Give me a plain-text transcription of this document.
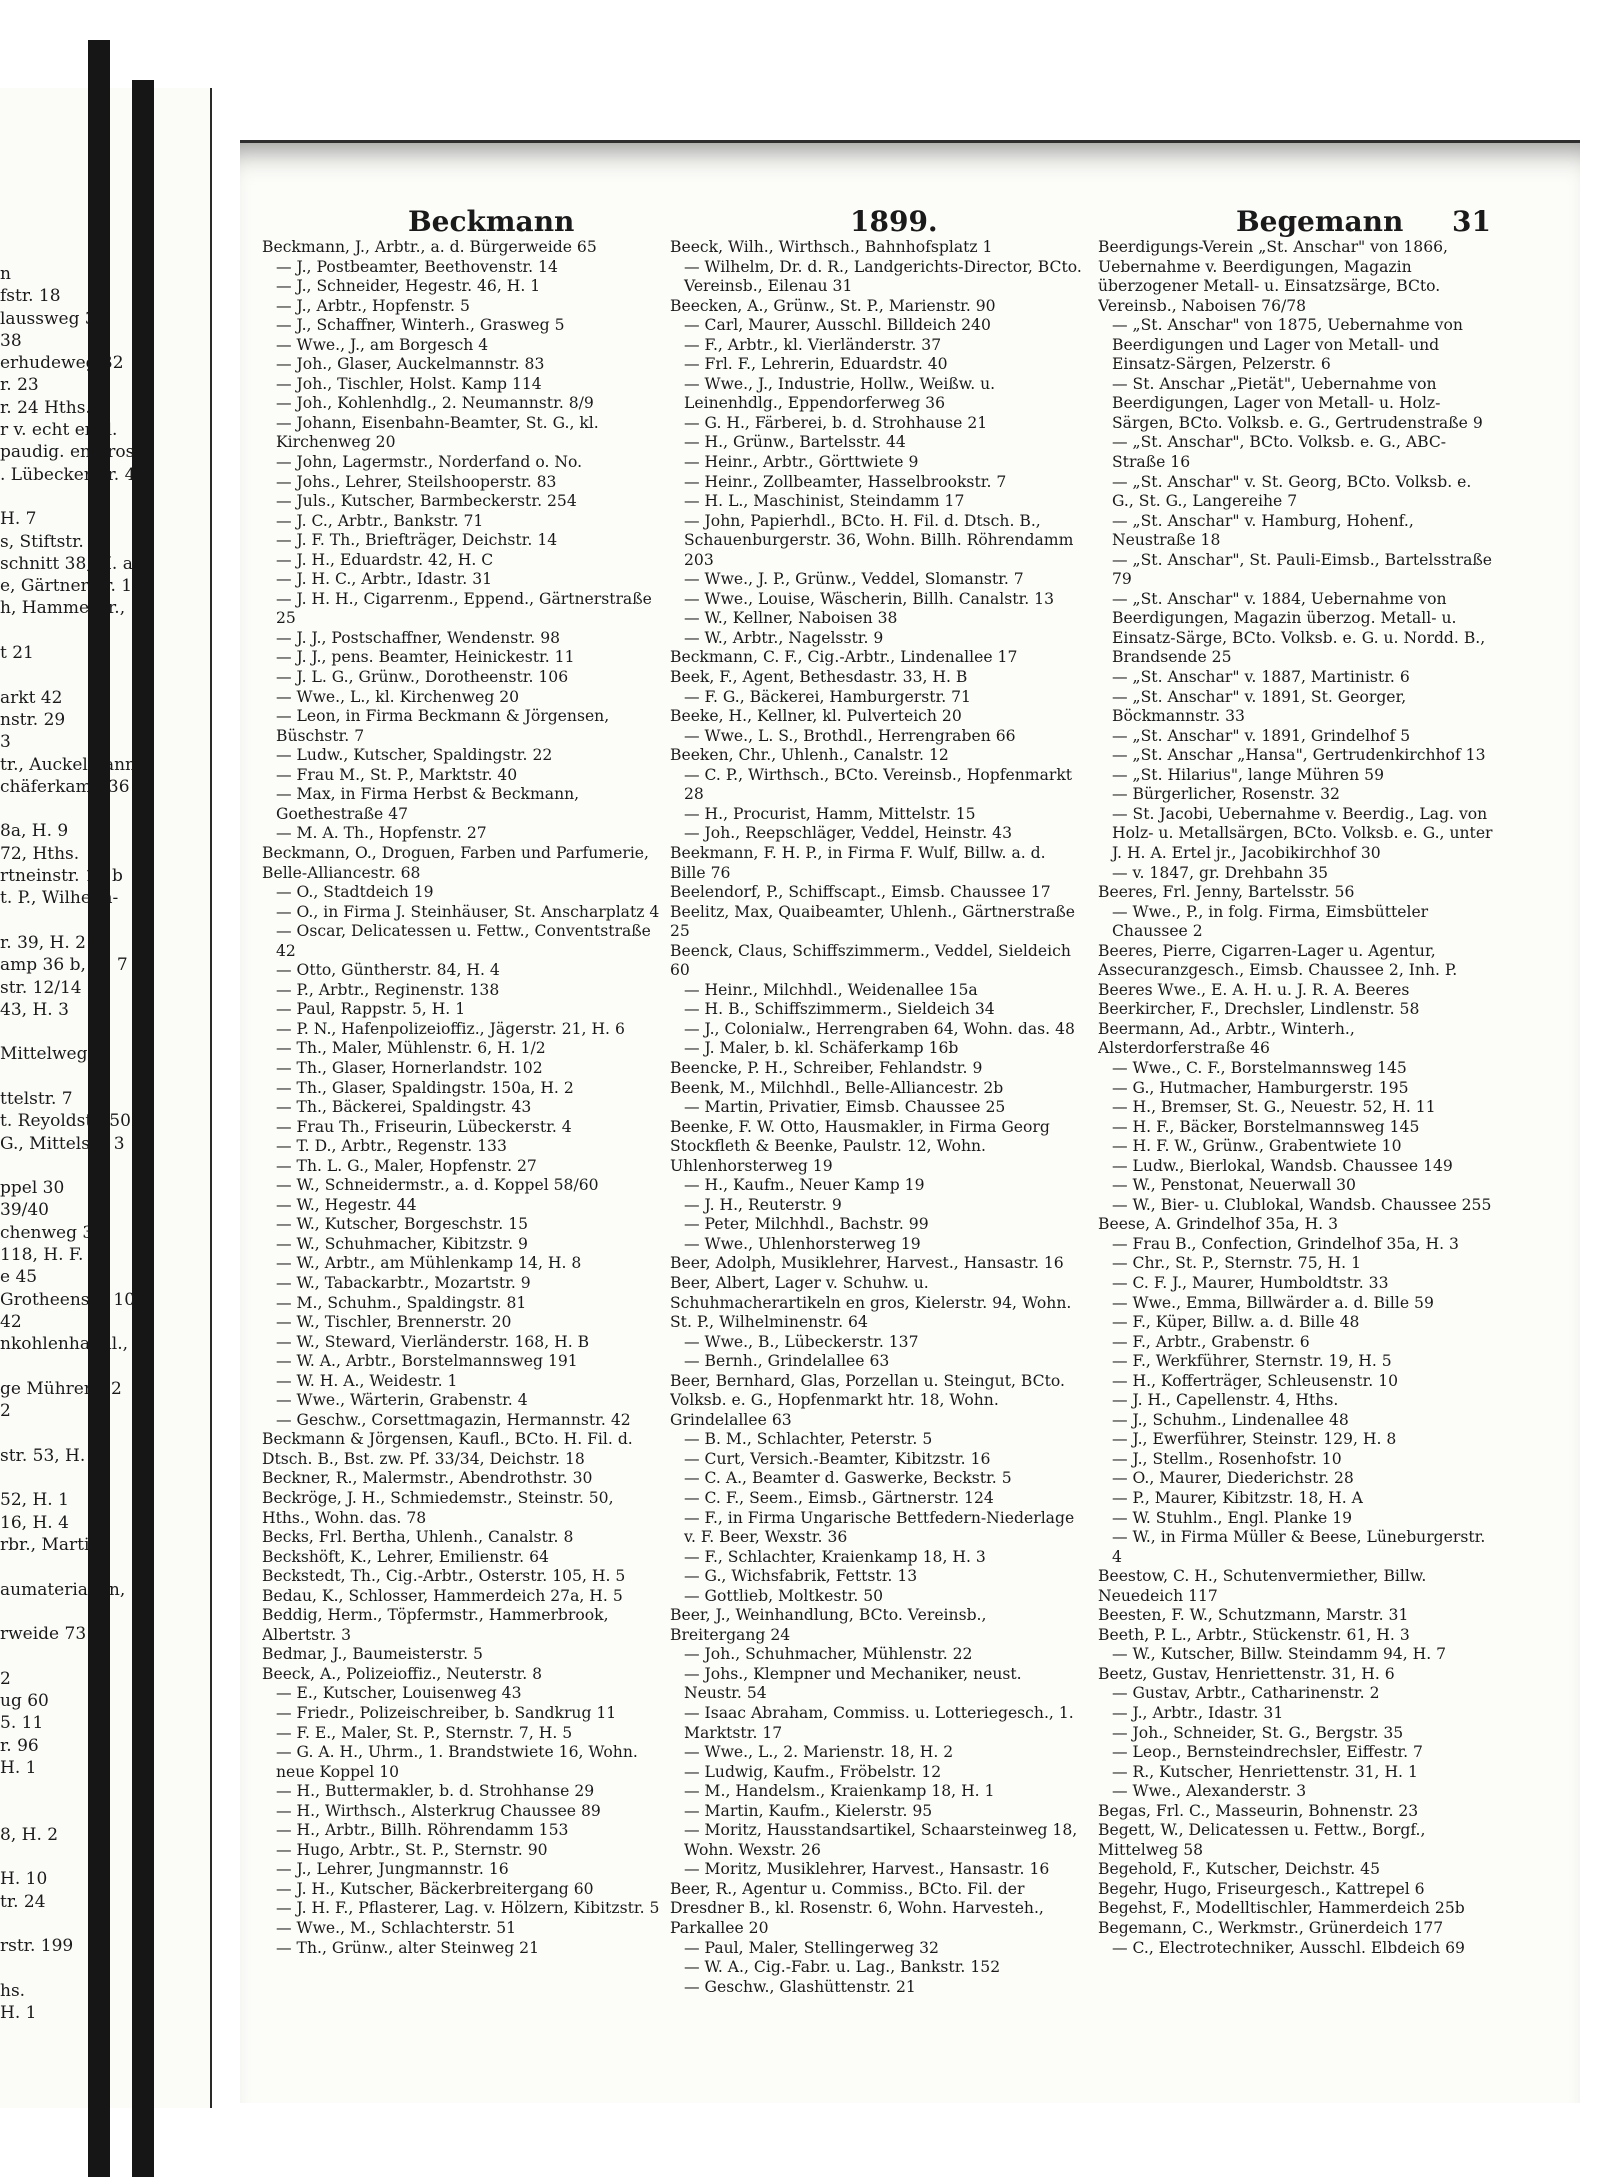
n
fstr. 18
laussweg 34
38
erhudeweg 32
r. 23
r. 24 Hths.
r v. echt engl.
paudig. en gros n
. Lübeckerstr. 4
H. 7
s, Stiftstr. 32
schnitt 38, H. a
e, Gärtnerstr. 11
h, Hammerbr.,
t 21
arkt 42
nstr. 29
3
tr., Auckelmann-
chäferkamp 36 b,
8a, H. 9
72, Hths.
rtneinstr. 15 b
t. P., Wilhelm-
r. 39, H. 2
amp 36 b, H. 7
str. 12/14
43, H. 3
Mittelweg 6,
ttelstr. 7
t. Reyoldstr. 50
G., Mittelstr. 3
ppel 30
39/40
chenweg 36
118, H. F.
e 45
Grotheenstr. 108
42
nkohlenhandl.,
ge Mühren 32
2
str. 53, H. 1
52, H. 1
16, H. 4
rbr., Martin-
aumaterialien,
rweide 73
2
ug 60
5. 11
r. 96
H. 1
8, H. 2
H. 10
tr. 24
rstr. 199
hs.
H. 1
Beckmann	1899.	Begemann 31
Beckmann, J., Arbtr., a. d. Bürgerweide 65
— J., Postbeamter, Beethovenstr. 14
— J., Schneider, Hegestr. 46, H. 1
— J., Arbtr., Hopfenstr. 5
— J., Schaffner, Winterh., Grasweg 5
— Wwe., J., am Borgesch 4
— Joh., Glaser, Auckelmannstr. 83
— Joh., Tischler, Holst. Kamp 114
— Joh., Kohlenhdlg., 2. Neumannstr. 8/9
— Johann, Eisenbahn-Beamter, St. G., kl. Kirchenweg 20
— John, Lagermstr., Norderfand o. No.
— Johs., Lehrer, Steilshooperstr. 83
— Juls., Kutscher, Barmbeckerstr. 254
— J. C., Arbtr., Bankstr. 71
— J. F. Th., Briefträger, Deichstr. 14
— J. H., Eduardstr. 42, H. C
— J. H. C., Arbtr., Idastr. 31
— J. H. H., Cigarrenm., Eppend., Gärtnerstraße 25
— J. J., Postschaffner, Wendenstr. 98
— J. J., pens. Beamter, Heinickestr. 11
— J. L. G., Grünw., Dorotheenstr. 106
— Wwe., L., kl. Kirchenweg 20
— Leon, in Firma Beckmann & Jörgensen, Büschstr. 7
— Ludw., Kutscher, Spaldingstr. 22
— Frau M., St. P., Marktstr. 40
— Max, in Firma Herbst & Beckmann, Goethestraße 47
— M. A. Th., Hopfenstr. 27
Beckmann, O., Droguen, Farben und Parfumerie, Belle-Alliancestr. 68
— O., Stadtdeich 19
— O., in Firma J. Steinhäuser, St. Anscharplatz 4
— Oscar, Delicatessen u. Fettw., Conventstraße 42
— Otto, Güntherstr. 84, H. 4
— P., Arbtr., Reginenstr. 138
— Paul, Rappstr. 5, H. 1
— P. N., Hafenpolizeioffiz., Jägerstr. 21, H. 6
— Th., Maler, Mühlenstr. 6, H. 1/2
— Th., Glaser, Hornerlandstr. 102
— Th., Glaser, Spaldingstr. 150a, H. 2
— Th., Bäckerei, Spaldingstr. 43
— Frau Th., Friseurin, Lübeckerstr. 4
— T. D., Arbtr., Regenstr. 133
— Th. L. G., Maler, Hopfenstr. 27
— W., Schneidermstr., a. d. Koppel 58/60
— W., Hegestr. 44
— W., Kutscher, Borgeschstr. 15
— W., Schuhmacher, Kibitzstr. 9
— W., Arbtr., am Mühlenkamp 14, H. 8
— W., Tabackarbtr., Mozartstr. 9
— M., Schuhm., Spaldingstr. 81
— W., Tischler, Brennerstr. 20
— W., Steward, Vierländerstr. 168, H. B
— W. A., Arbtr., Borstelmannsweg 191
— W. H. A., Weidestr. 1
— Wwe., Wärterin, Grabenstr. 4
— Geschw., Corsettmagazin, Hermannstr. 42
Beckmann & Jörgensen, Kaufl., BCto. H. Fil. d. Dtsch. B., Bst. zw. Pf. 33/34, Deichstr. 18
Beckner, R., Malermstr., Abendrothstr. 30
Beckröge, J. H., Schmiedemstr., Steinstr. 50, Hths., Wohn. das. 78
Becks, Frl. Bertha, Uhlenh., Canalstr. 8
Beckshöft, K., Lehrer, Emilienstr. 64
Beckstedt, Th., Cig.-Arbtr., Osterstr. 105, H. 5
Bedau, K., Schlosser, Hammerdeich 27a, H. 5
Beddig, Herm., Töpfermstr., Hammerbrook, Albertstr. 3
Bedmar, J., Baumeisterstr. 5
Beeck, A., Polizeioffiz., Neuterstr. 8
— E., Kutscher, Louisenweg 43
— Friedr., Polizeischreiber, b. Sandkrug 11
— F. E., Maler, St. P., Sternstr. 7, H. 5
— G. A. H., Uhrm., 1. Brandstwiete 16, Wohn. neue Koppel 10
— H., Buttermakler, b. d. Strohhanse 29
— H., Wirthsch., Alsterkrug Chaussee 89
— H., Arbtr., Billh. Röhrendamm 153
— Hugo, Arbtr., St. P., Sternstr. 90
— J., Lehrer, Jungmannstr. 16
— J. H., Kutscher, Bäckerbreitergang 60
— J. H. F., Pflasterer, Lag. v. Hölzern, Kibitzstr. 5
— Wwe., M., Schlachterstr. 51
— Th., Grünw., alter Steinweg 21
Beeck, Wilh., Wirthsch., Bahnhofsplatz 1
— Wilhelm, Dr. d. R., Landgerichts-Director, BCto. Vereinsb., Eilenau 31
Beecken, A., Grünw., St. P., Marienstr. 90
— Carl, Maurer, Ausschl. Billdeich 240
— F., Arbtr., kl. Vierländerstr. 37
— Frl. F., Lehrerin, Eduardstr. 40
— Wwe., J., Industrie, Hollw., Weißw. u. Leinenhdlg., Eppendorferweg 36
— G. H., Färberei, b. d. Strohhause 21
— H., Grünw., Bartelsstr. 44
— Heinr., Arbtr., Görttwiete 9
— Heinr., Zollbeamter, Hasselbrookstr. 7
— H. L., Maschinist, Steindamm 17
— John, Papierhdl., BCto. H. Fil. d. Dtsch. B., Schauenburgerstr. 36, Wohn. Billh. Röhrendamm 203
— Wwe., J. P., Grünw., Veddel, Slomanstr. 7
— Wwe., Louise, Wäscherin, Billh. Canalstr. 13
— W., Kellner, Naboisen 38
— W., Arbtr., Nagelsstr. 9
Beckmann, C. F., Cig.-Arbtr., Lindenallee 17
Beek, F., Agent, Bethesdastr. 33, H. B
— F. G., Bäckerei, Hamburgerstr. 71
Beeke, H., Kellner, kl. Pulverteich 20
— Wwe., L. S., Brothdl., Herrengraben 66
Beeken, Chr., Uhlenh., Canalstr. 12
— C. P., Wirthsch., BCto. Vereinsb., Hopfenmarkt 28
— H., Procurist, Hamm, Mittelstr. 15
— Joh., Reepschläger, Veddel, Heinstr. 43
Beekmann, F. H. P., in Firma F. Wulf, Billw. a. d. Bille 76
Beelendorf, P., Schiffscapt., Eimsb. Chaussee 17
Beelitz, Max, Quaibeamter, Uhlenh., Gärtnerstraße 25
Beenck, Claus, Schiffszimmerm., Veddel, Sieldeich 60
— Heinr., Milchhdl., Weidenallee 15a
— H. B., Schiffszimmerm., Sieldeich 34
— J., Colonialw., Herrengraben 64, Wohn. das. 48
— J. Maler, b. kl. Schäferkamp 16b
Beencke, P. H., Schreiber, Fehlandstr. 9
Beenk, M., Milchhdl., Belle-Alliancestr. 2b
— Martin, Privatier, Eimsb. Chaussee 25
Beenke, F. W. Otto, Hausmakler, in Firma Georg Stockfleth & Beenke, Paulstr. 12, Wohn. Uhlenhorsterweg 19
— H., Kaufm., Neuer Kamp 19
— J. H., Reuterstr. 9
— Peter, Milchhdl., Bachstr. 99
— Wwe., Uhlenhorsterweg 19
Beer, Adolph, Musiklehrer, Harvest., Hansastr. 16
Beer, Albert, Lager v. Schuhw. u. Schuhmacherartikeln en gros, Kielerstr. 94, Wohn. St. P., Wilhelminenstr. 64
— Wwe., B., Lübeckerstr. 137
— Bernh., Grindelallee 63
Beer, Bernhard, Glas, Porzellan u. Steingut, BCto. Volksb. e. G., Hopfenmarkt htr. 18, Wohn. Grindelallee 63
— B. M., Schlachter, Peterstr. 5
— Curt, Versich.-Beamter, Kibitzstr. 16
— C. A., Beamter d. Gaswerke, Beckstr. 5
— C. F., Seem., Eimsb., Gärtnerstr. 124
— F., in Firma Ungarische Bettfedern-Niederlage v. F. Beer, Wexstr. 36
— F., Schlachter, Kraienkamp 18, H. 3
— G., Wichsfabrik, Fettstr. 13
— Gottlieb, Moltkestr. 50
Beer, J., Weinhandlung, BCto. Vereinsb., Breitergang 24
— Joh., Schuhmacher, Mühlenstr. 22
— Johs., Klempner und Mechaniker, neust. Neustr. 54
— Isaac Abraham, Commiss. u. Lotteriegesch., 1. Marktstr. 17
— Wwe., L., 2. Marienstr. 18, H. 2
— Ludwig, Kaufm., Fröbelstr. 12
— M., Handelsm., Kraienkamp 18, H. 1
— Martin, Kaufm., Kielerstr. 95
— Moritz, Hausstandsartikel, Schaarsteinweg 18, Wohn. Wexstr. 26
— Moritz, Musiklehrer, Harvest., Hansastr. 16
Beer, R., Agentur u. Commiss., BCto. Fil. der Dresdner B., kl. Rosenstr. 6, Wohn. Harvesteh., Parkallee 20
— Paul, Maler, Stellingerweg 32
— W. A., Cig.-Fabr. u. Lag., Bankstr. 152
— Geschw., Glashüttenstr. 21
Beerdigungs-Verein „St. Anschar" von 1866, Uebernahme v. Beerdigungen, Magazin überzogener Metall- u. Einsatzsärge, BCto. Vereinsb., Naboisen 76/78
— „St. Anschar" von 1875, Uebernahme von Beerdigungen und Lager von Metall- und Einsatz-Särgen, Pelzerstr. 6
— St. Anschar „Pietät", Uebernahme von Beerdigungen, Lager von Metall- u. Holz-Särgen, BCto. Volksb. e. G., Gertrudenstraße 9
— „St. Anschar", BCto. Volksb. e. G., ABC-Straße 16
— „St. Anschar" v. St. Georg, BCto. Volksb. e. G., St. G., Langereihe 7
— „St. Anschar" v. Hamburg, Hohenf., Neustraße 18
— „St. Anschar", St. Pauli-Eimsb., Bartelsstraße 79
— „St. Anschar" v. 1884, Uebernahme von Beerdigungen, Magazin überzog. Metall- u. Einsatz-Särge, BCto. Volksb. e. G. u. Nordd. B., Brandsende 25
— „St. Anschar" v. 1887, Martinistr. 6
— „St. Anschar" v. 1891, St. Georger, Böckmannstr. 33
— „St. Anschar" v. 1891, Grindelhof 5
— „St. Anschar „Hansa", Gertrudenkirchhof 13
— „St. Hilarius", lange Mühren 59
— Bürgerlicher, Rosenstr. 32
— St. Jacobi, Uebernahme v. Beerdig., Lag. von Holz- u. Metallsärgen, BCto. Volksb. e. G., unter J. H. A. Ertel jr., Jacobikirchhof 30
— v. 1847, gr. Drehbahn 35
Beeres, Frl. Jenny, Bartelsstr. 56
— Wwe., P., in folg. Firma, Eimsbütteler Chaussee 2
Beeres, Pierre, Cigarren-Lager u. Agentur, Assecuranzgesch., Eimsb. Chaussee 2, Inh. P. Beeres Wwe., E. A. H. u. J. R. A. Beeres
Beerkircher, F., Drechsler, Lindlenstr. 58
Beermann, Ad., Arbtr., Winterh., Alsterdorferstraße 46
— Wwe., C. F., Borstelmannsweg 145
— G., Hutmacher, Hamburgerstr. 195
— H., Bremser, St. G., Neuestr. 52, H. 11
— H. F., Bäcker, Borstelmannsweg 145
— H. F. W., Grünw., Grabentwiete 10
— Ludw., Bierlokal, Wandsb. Chaussee 149
— W., Penstonat, Neuerwall 30
— W., Bier- u. Clublokal, Wandsb. Chaussee 255
Beese, A. Grindelhof 35a, H. 3
— Frau B., Confection, Grindelhof 35a, H. 3
— Chr., St. P., Sternstr. 75, H. 1
— C. F. J., Maurer, Humboldtstr. 33
— Wwe., Emma, Billwärder a. d. Bille 59
— F., Küper, Billw. a. d. Bille 48
— F., Arbtr., Grabenstr. 6
— F., Werkführer, Sternstr. 19, H. 5
— H., Kofferträger, Schleusenstr. 10
— J. H., Capellenstr. 4, Hths.
— J., Schuhm., Lindenallee 48
— J., Ewerführer, Steinstr. 129, H. 8
— J., Stellm., Rosenhofstr. 10
— O., Maurer, Diederichstr. 28
— P., Maurer, Kibitzstr. 18, H. A
— W. Stuhlm., Engl. Planke 19
— W., in Firma Müller & Beese, Lüneburgerstr. 4
Beestow, C. H., Schutenvermiether, Billw. Neuedeich 117
Beesten, F. W., Schutzmann, Marstr. 31
Beeth, P. L., Arbtr., Stückenstr. 61, H. 3
— W., Kutscher, Billw. Steindamm 94, H. 7
Beetz, Gustav, Henriettenstr. 31, H. 6
— Gustav, Arbtr., Catharinenstr. 2
— J., Arbtr., Idastr. 31
— Joh., Schneider, St. G., Bergstr. 35
— Leop., Bernsteindrechsler, Eiffestr. 7
— R., Kutscher, Henriettenstr. 31, H. 1
— Wwe., Alexanderstr. 3
Begas, Frl. C., Masseurin, Bohnenstr. 23
Begett, W., Delicatessen u. Fettw., Borgf., Mittelweg 58
Begehold, F., Kutscher, Deichstr. 45
Begehr, Hugo, Friseurgesch., Kattrepel 6
Begehst, F., Modelltischler, Hammerdeich 25b
Begemann, C., Werkmstr., Grünerdeich 177
— C., Electrotechniker, Ausschl. Elbdeich 69
